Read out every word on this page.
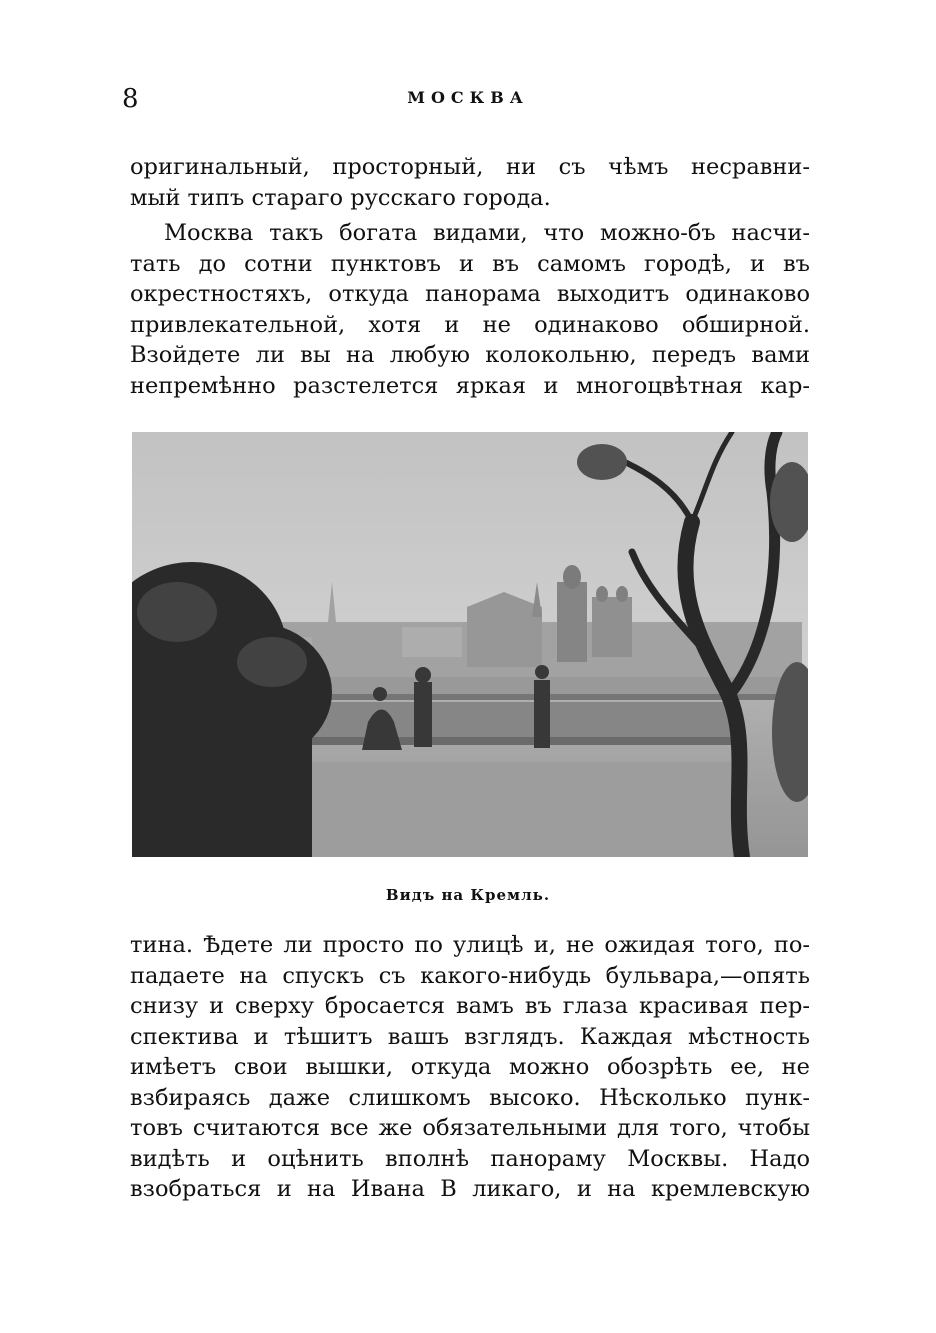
8	МОСКВА
оригинальный, просторный, ни съ чѣмъ несравни-
мый типъ стараго русскаго города.
Москва такъ богата видами, что можно-бъ насчи-
тать до сотни пунктовъ и въ самомъ городѣ, и въ
окрестностяхъ, откуда панорама выходитъ одинаково
привлекательной, хотя и не одинаково обширной.
Взойдете ли вы на любую колокольню, передъ вами
непремѣнно разстелется яркая и многоцвѣтная кар-
Видъ на Кремль.
тина. Ѣдете ли просто по улицѣ и, не ожидая того, по-
падаете на спускъ съ какого-нибудь бульвара,—опять
снизу и сверху бросается вамъ въ глаза красивая пер-
спектива и тѣшитъ вашъ взглядъ. Каждая мѣстность
имѣетъ свои вышки, откуда можно обозрѣть ее, не
взбираясь даже слишкомъ высоко. Нѣсколько пунк-
товъ считаются все же обязательными для того, чтобы
видѣть и оцѣнить вполнѣ панораму Москвы. Надо
взобраться и на Ивана В ликаго, и на кремлевскую
